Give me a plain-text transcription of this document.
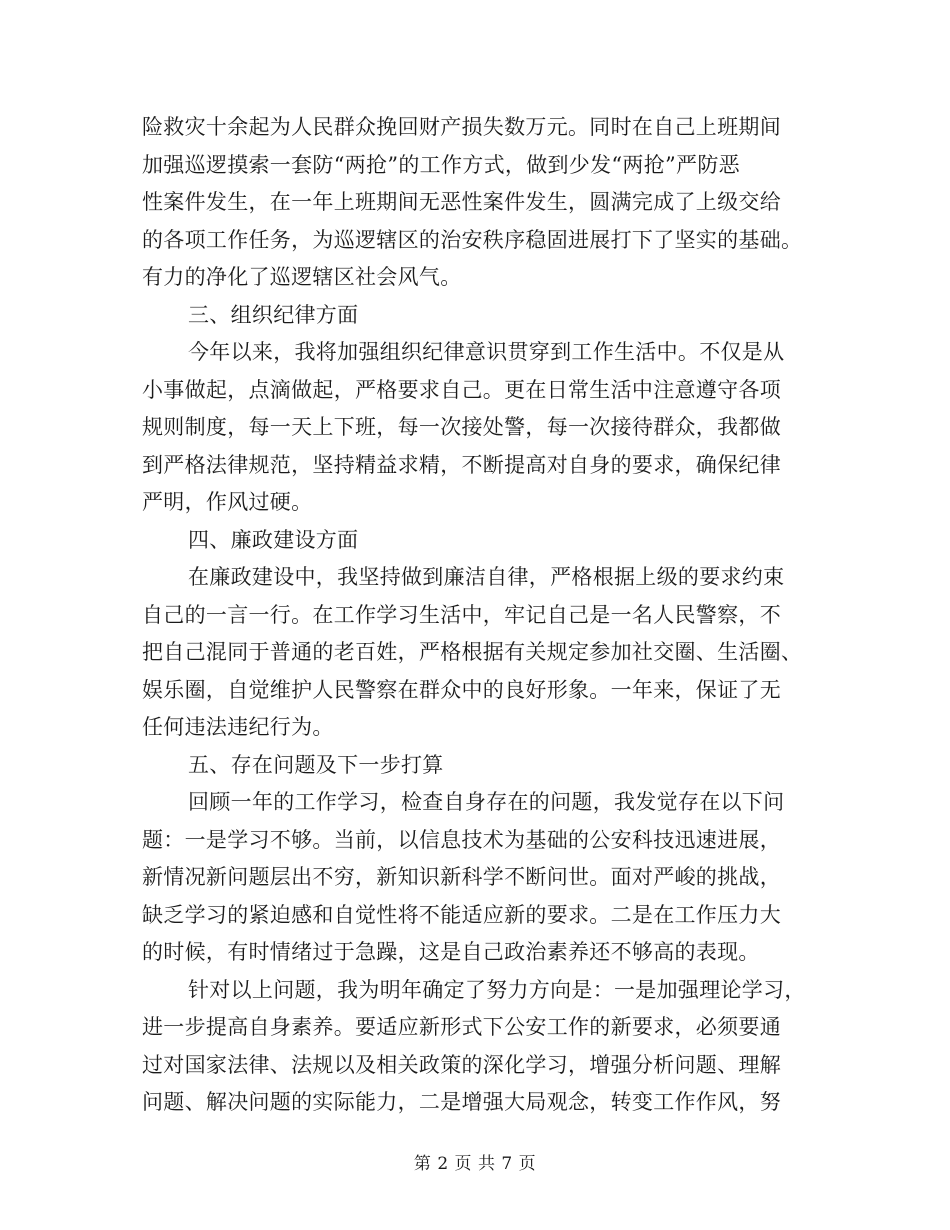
险救灾十余起为人民群众挽回财产损失数万元。同时在自己上班期间
加强巡逻摸索一套防“两抢”的工作方式，做到少发“两抢”严防恶
性案件发生，在一年上班期间无恶性案件发生，圆满完成了上级交给
的各项工作任务，为巡逻辖区的治安秩序稳固进展打下了坚实的基础。
有力的净化了巡逻辖区社会风气。
三、组织纪律方面
今年以来，我将加强组织纪律意识贯穿到工作生活中。不仅是从
小事做起，点滴做起，严格要求自己。更在日常生活中注意遵守各项
规则制度，每一天上下班，每一次接处警，每一次接待群众，我都做
到严格法律规范，坚持精益求精，不断提高对自身的要求，确保纪律
严明，作风过硬。
四、廉政建设方面
在廉政建设中，我坚持做到廉洁自律，严格根据上级的要求约束
自己的一言一行。在工作学习生活中，牢记自己是一名人民警察，不
把自己混同于普通的老百姓，严格根据有关规定参加社交圈、生活圈、
娱乐圈，自觉维护人民警察在群众中的良好形象。一年来，保证了无
任何违法违纪行为。
五、存在问题及下一步打算
回顾一年的工作学习，检查自身存在的问题，我发觉存在以下问
题：一是学习不够。当前，以信息技术为基础的公安科技迅速进展，
新情况新问题层出不穷，新知识新科学不断问世。面对严峻的挑战，
缺乏学习的紧迫感和自觉性将不能适应新的要求。二是在工作压力大
的时候，有时情绪过于急躁，这是自己政治素养还不够高的表现。
针对以上问题，我为明年确定了努力方向是：一是加强理论学习，
进一步提高自身素养。要适应新形式下公安工作的新要求，必须要通
过对国家法律、法规以及相关政策的深化学习，增强分析问题、理解
问题、解决问题的实际能力，二是增强大局观念，转变工作作风，努
第 2 页 共 7 页
